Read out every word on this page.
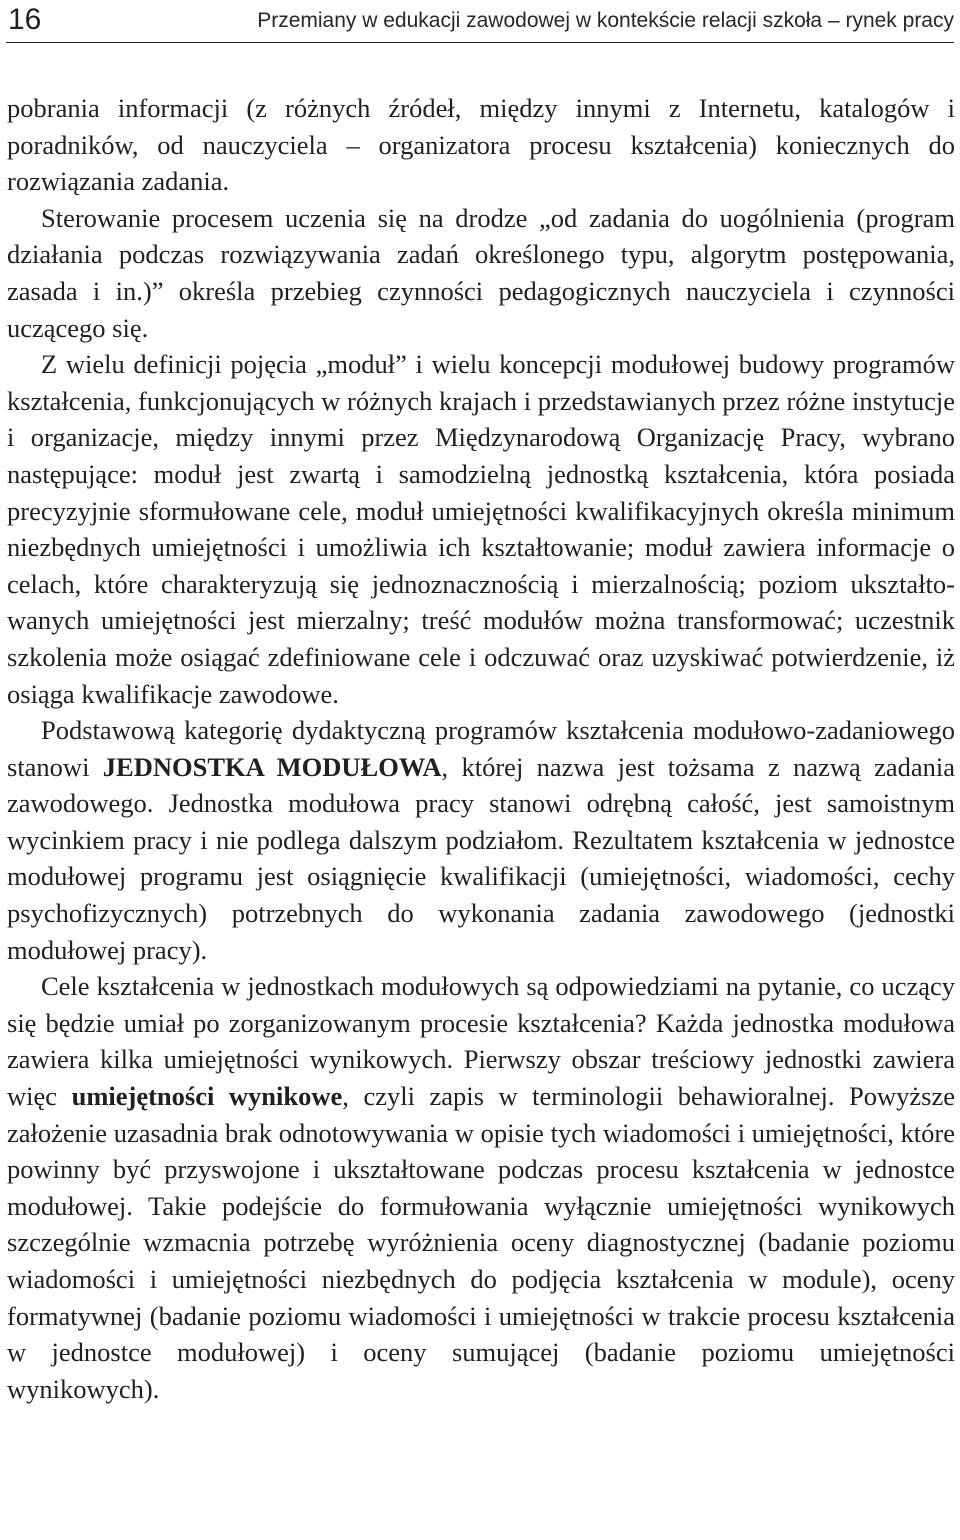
16	Przemiany w edukacji zawodowej w kontekście relacji szkoła – rynek pracy

pobrania informacji (z różnych źródeł, między innymi z Internetu, katalogów i poradników, od nauczyciela – organizatora procesu kształcenia) koniecznych do rozwiązania zadania.

Sterowanie procesem uczenia się na drodze „od zadania do uogólnienia (program działania podczas rozwiązywania zadań określonego typu, algorytm postępowania, zasada i in.)” określa przebieg czynności pedagogicznych nauczyciela i czynności uczącego się.

Z wielu definicji pojęcia „moduł” i wielu koncepcji modułowej budowy programów kształcenia, funkcjonujących w różnych krajach i przedstawianych przez różne instytucje i organizacje, między innymi przez Międzynarodową Organizację Pracy, wybrano następujące: moduł jest zwartą i samodzielną jednostką kształcenia, która posiada precyzyjnie sformułowane cele, moduł umiejętności kwalifikacyjnych określa minimum niezbędnych umiejętności i umożliwia ich kształtowanie; moduł zawiera informacje o celach, które charakteryzują się jednoznacznością i mierzalnością; poziom ukształtowanych umiejętności jest mierzalny; treść modułów można transformować; uczestnik szkolenia może osiągać zdefiniowane cele i odczuwać oraz uzyskiwać potwierdzenie, iż osiąga kwalifikacje zawodowe.

Podstawową kategorię dydaktyczną programów kształcenia modułowo-zadaniowego stanowi JEDNOSTKA MODUŁOWA, której nazwa jest tożsama z nazwą zadania zawodowego. Jednostka modułowa pracy stanowi odrębną całość, jest samoistnym wycinkiem pracy i nie podlega dalszym podziałom. Rezultatem kształcenia w jednostce modułowej programu jest osiągnięcie kwalifikacji (umiejętności, wiadomości, cechy psychofizycznych) potrzebnych do wykonania zadania zawodowego (jednostki modułowej pracy).

Cele kształcenia w jednostkach modułowych są odpowiedziami na pytanie, co uczący się będzie umiał po zorganizowanym procesie kształcenia? Każda jednostka modułowa zawiera kilka umiejętności wynikowych. Pierwszy obszar treściowy jednostki zawiera więc umiejętności wynikowe, czyli zapis w terminologii behawioralnej. Powyższe założenie uzasadnia brak odnotowywania w opisie tych wiadomości i umiejętności, które powinny być przyswojone i ukształtowane podczas procesu kształcenia w jednostce modułowej. Takie podejście do formułowania wyłącznie umiejętności wynikowych szczególnie wzmacnia potrzebę wyróżnienia oceny diagnostycznej (badanie poziomu wiadomości i umiejętności niezbędnych do podjęcia kształcenia w module), oceny formatywnej (badanie poziomu wiadomości i umiejętności w trakcie procesu kształcenia w jednostce modułowej) i oceny sumującej (badanie poziomu umiejętności wynikowych).
